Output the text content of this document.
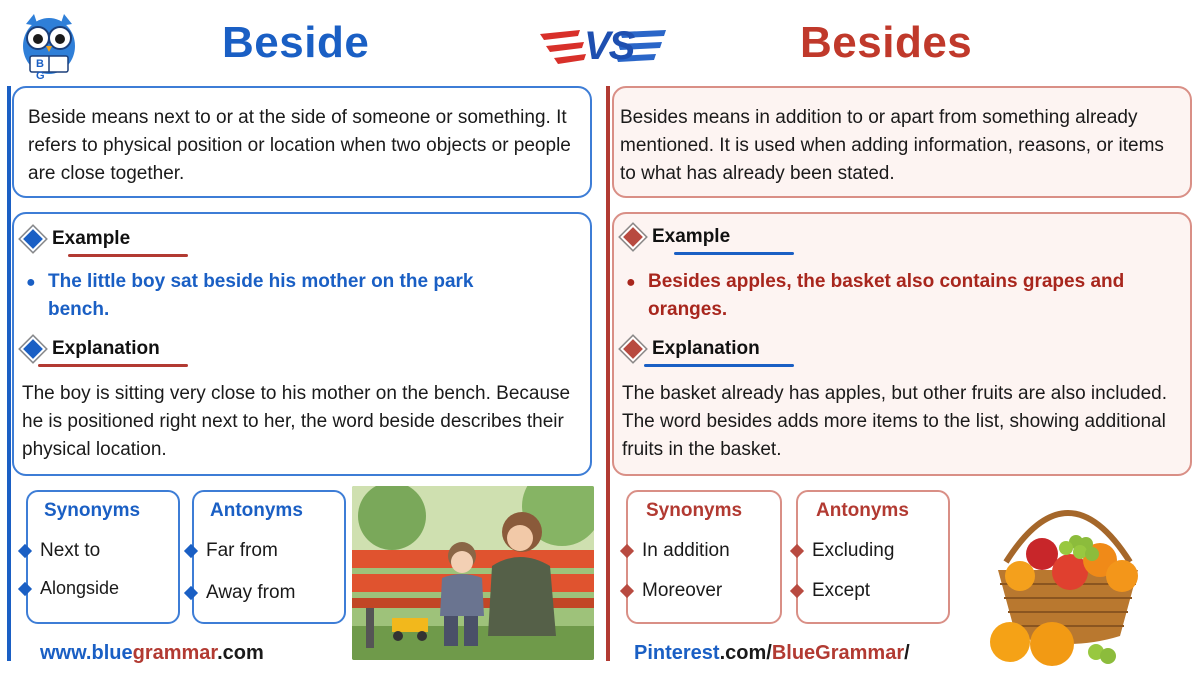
B G
Beside	VS	Besides

Beside means next to or at the side of someone or something. It refers to physical position or location when two objects or people are close together.

Example
● The little boy sat beside his mother on the park bench.
Explanation

The boy is sitting very close to his mother on the bench. Because he is positioned right next to her, the word beside describes their physical location.

Synonyms
Next to
Alongside
Antonyms
Far from
Away from
www.bluegrammar.com

Besides means in addition to or apart from something already mentioned. It is used when adding information, reasons, or items to what has already been stated.

Example
● Besides apples, the basket also contains grapes and oranges.
Explanation

The basket already has apples, but other fruits are also included. The word besides adds more items to the list, showing additional fruits in the basket.

Synonyms
In addition
Moreover
Antonyms
Excluding
Except
Pinterest.com/BlueGrammar/
